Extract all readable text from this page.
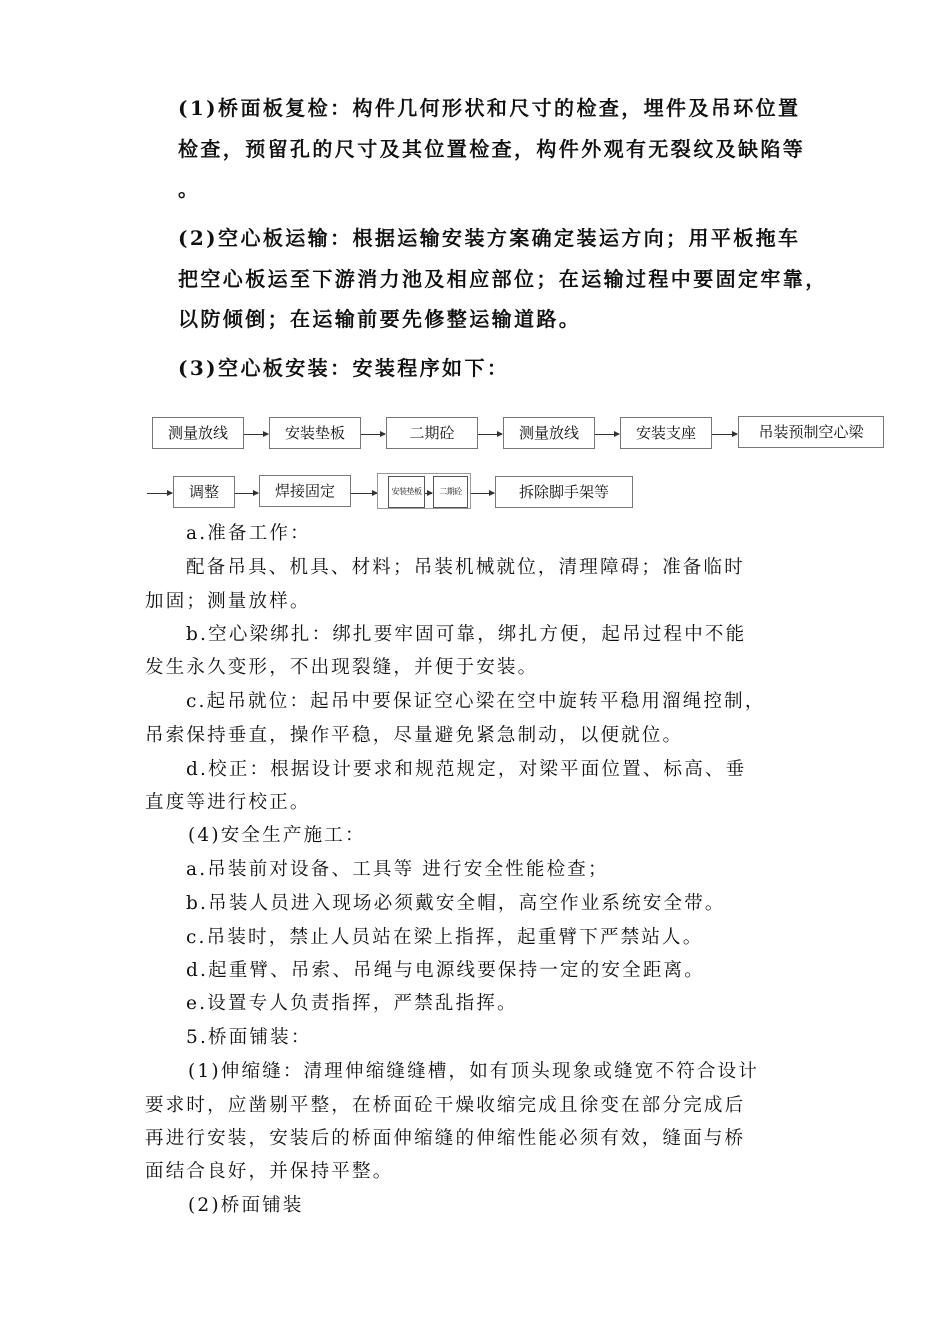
(1)桥面板复检：构件几何形状和尺寸的检查，埋件及吊环位置
检查，预留孔的尺寸及其位置检查，构件外观有无裂纹及缺陷等
。
(2)空心板运输：根据运输安装方案确定装运方向；用平板拖车
把空心板运至下游消力池及相应部位；在运输过程中要固定牢靠，
以防倾倒；在运输前要先修整运输道路。
(3)空心板安装：安装程序如下：
测量放线	安装垫板	二期砼	测量放线	安装支座	吊装预制空心梁
调整	焊接固定	安装垫板	二期砼	拆除脚手架等
a.准备工作：
配备吊具、机具、材料；吊装机械就位，清理障碍；准备临时
加固；测量放样。
b.空心梁绑扎：绑扎要牢固可靠，绑扎方便，起吊过程中不能
发生永久变形，不出现裂缝，并便于安装。
c.起吊就位：起吊中要保证空心梁在空中旋转平稳用溜绳控制，
吊索保持垂直，操作平稳，尽量避免紧急制动，以便就位。
d.校正：根据设计要求和规范规定，对梁平面位置、标高、垂
直度等进行校正。
(4)安全生产施工：
a.吊装前对设备、工具等 进行安全性能检查；
b.吊装人员进入现场必须戴安全帽，高空作业系统安全带。
c.吊装时，禁止人员站在梁上指挥，起重臂下严禁站人。
d.起重臂、吊索、吊绳与电源线要保持一定的安全距离。
e.设置专人负责指挥，严禁乱指挥。
5.桥面铺装：
(1)伸缩缝：清理伸缩缝缝槽，如有顶头现象或缝宽不符合设计
要求时，应凿剔平整，在桥面砼干燥收缩完成且徐变在部分完成后
再进行安装，安装后的桥面伸缩缝的伸缩性能必须有效，缝面与桥
面结合良好，并保持平整。
(2)桥面铺装
